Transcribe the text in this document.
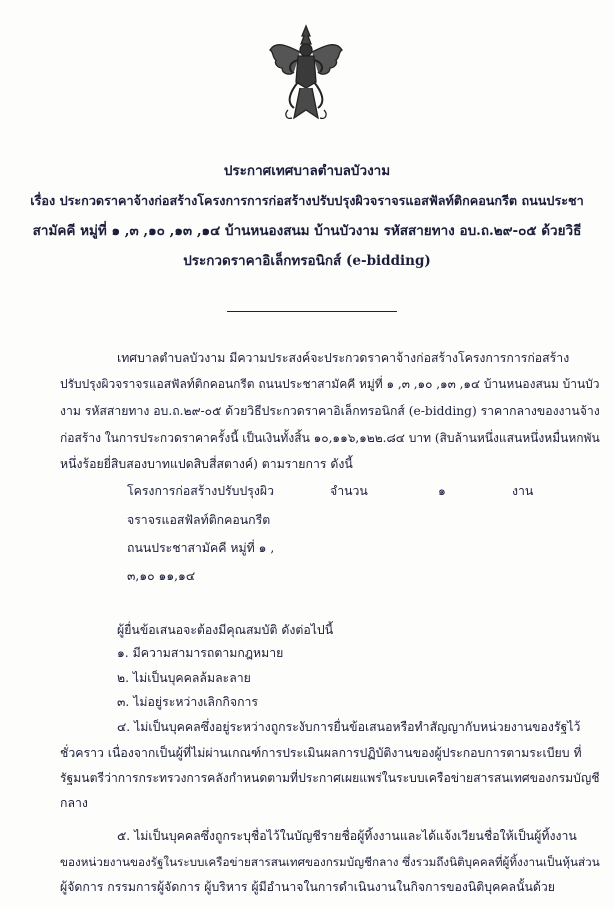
ประกาศเทศบาลตำบลบัวงาม
เรื่อง ประกวดราคาจ้างก่อสร้างโครงการการก่อสร้างปรับปรุงผิวจราจรแอสฟัลท์ติกคอนกรีต ถนนประชา
สามัคคี หมู่ที่ ๑ ,๓ ,๑๐ ,๑๓ ,๑๔ บ้านหนองสนม บ้านบัวงาม รหัสสายทาง อบ.ถ.๒๙-๐๕ ด้วยวิธี
ประกวดราคาอิเล็กทรอนิกส์ (e-bidding)
เทศบาลตำบลบัวงาม มีความประสงค์จะประกวดราคาจ้างก่อสร้างโครงการการก่อสร้าง
ปรับปรุงผิวจราจรแอสฟัลท์ติกคอนกรีต ถนนประชาสามัคคี หมู่ที่ ๑ ,๓ ,๑๐ ,๑๓ ,๑๔ บ้านหนองสนม บ้านบัว
งาม รหัสสายทาง อบ.ถ.๒๙-๐๕ ด้วยวิธีประกวดราคาอิเล็กทรอนิกส์ (e-bidding) ราคากลางของงานจ้าง
ก่อสร้าง ในการประกวดราคาครั้งนี้ เป็นเงินทั้งสิ้น ๑๐,๑๑๖,๑๒๒.๘๔ บาท (สิบล้านหนึ่งแสนหนึ่งหมื่นหกพัน
หนึ่งร้อยยี่สิบสองบาทแปดสิบสี่สตางค์) ตามรายการ ดังนี้
โครงการก่อสร้างปรับปรุงผิว
จราจรแอสฟัลท์ติกคอนกรีต
ถนนประชาสามัคคี หมู่ที่ ๑ ,
๓,๑๐ ๑๑,๑๔
จำนวน	๑	งาน
ผู้ยื่นข้อเสนอจะต้องมีคุณสมบัติ ดังต่อไปนี้
๑. มีความสามารถตามกฎหมาย
๒. ไม่เป็นบุคคลล้มละลาย
๓. ไม่อยู่ระหว่างเลิกกิจการ
๔. ไม่เป็นบุคคลซึ่งอยู่ระหว่างถูกระงับการยื่นข้อเสนอหรือทำสัญญากับหน่วยงานของรัฐไว้
ชั่วคราว เนื่องจากเป็นผู้ที่ไม่ผ่านเกณฑ์การประเมินผลการปฏิบัติงานของผู้ประกอบการตามระเบียบ ที่
รัฐมนตรีว่าการกระทรวงการคลังกำหนดตามที่ประกาศเผยแพร่ในระบบเครือข่ายสารสนเทศของกรมบัญชี
กลาง
๕. ไม่เป็นบุคคลซึ่งถูกระบุชื่อไว้ในบัญชีรายชื่อผู้ทิ้งงานและได้แจ้งเวียนชื่อให้เป็นผู้ทิ้งงาน
ของหน่วยงานของรัฐในระบบเครือข่ายสารสนเทศของกรมบัญชีกลาง ซึ่งรวมถึงนิติบุคคลที่ผู้ทิ้งงานเป็นหุ้นส่วน
ผู้จัดการ กรรมการผู้จัดการ ผู้บริหาร ผู้มีอำนาจในการดำเนินงานในกิจการของนิติบุคคลนั้นด้วย
